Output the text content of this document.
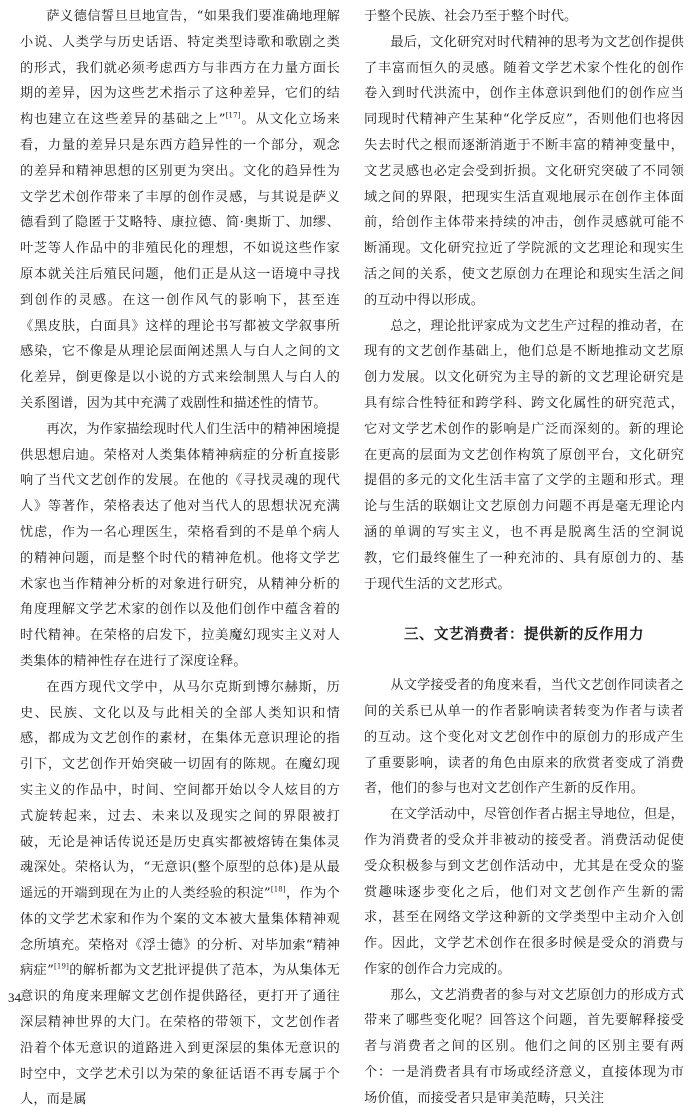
萨义德信誓旦旦地宣告，“如果我们要准确地理解小说、人类学与历史话语、特定类型诗歌和歌剧之类的形式，我们就必须考虑西方与非西方在力量方面长期的差异，因为这些艺术指示了这种差异，它们的结构也建立在这些差异的基础之上”[17]。从文化立场来看，力量的差异只是东西方趋异性的一个部分，观念的差异和精神思想的区别更为突出。文化的趋异性为文学艺术创作带来了丰厚的创作灵感，与其说是萨义德看到了隐匿于艾略特、康拉德、简·奥斯丁、加缪、叶芝等人作品中的非殖民化的理想，不如说这些作家原本就关注后殖民问题，他们正是从这一语境中寻找到创作的灵感。在这一创作风气的影响下，甚至连《黑皮肤，白面具》这样的理论书写都被文学叙事所感染，它不像是从理论层面阐述黑人与白人之间的文化差异，倒更像是以小说的方式来绘制黑人与白人的关系图谱，因为其中充满了戏剧性和描述性的情节。

再次，为作家描绘现时代人们生活中的精神困境提供思想启迪。荣格对人类集体精神病症的分析直接影响了当代文艺创作的发展。在他的《寻找灵魂的现代人》等著作，荣格表达了他对当代人的思想状况充满忧虑，作为一名心理医生，荣格看到的不是单个病人的精神问题，而是整个时代的精神危机。他将文学艺术家也当作精神分析的对象进行研究，从精神分析的角度理解文学艺术家的创作以及他们创作中蕴含着的时代精神。在荣格的启发下，拉美魔幻现实主义对人类集体的精神性存在进行了深度诠释。

在西方现代文学中，从马尔克斯到博尔赫斯，历史、民族、文化以及与此相关的全部人类知识和情感，都成为文艺创作的素材，在集体无意识理论的指引下，文艺创作开始突破一切固有的陈规。在魔幻现实主义的作品中，时间、空间都开始以令人炫目的方式旋转起来，过去、未来以及现实之间的界限被打破，无论是神话传说还是历史真实都被熔铸在集体灵魂深处。荣格认为，“无意识(整个原型的总体)是从最遥远的开端到现在为止的人类经验的积淀”[18]，作为个体的文学艺术家和作为个案的文本被大量集体精神观念所填充。荣格对《浮士德》的分析、对毕加索“精神病症”[19]的解析都为文艺批评提供了范本，为从集体无意识的角度来理解文艺创作提供路径，更打开了通往深层精神世界的大门。在荣格的带领下，文艺创作者沿着个体无意识的道路进入到更深层的集体无意识的时空中，文学艺术引以为荣的象征话语不再专属于个人，而是属

于整个民族、社会乃至于整个时代。

最后，文化研究对时代精神的思考为文艺创作提供了丰富而恒久的灵感。随着文学艺术家个性化的创作卷入到时代洪流中，创作主体意识到他们的创作应当同现时代精神产生某种“化学反应”，否则他们也将因失去时代之根而逐渐消逝于不断丰富的精神变量中，文艺灵感也必定会受到折损。文化研究突破了不同领域之间的界限，把现实生活直观地展示在创作主体面前，给创作主体带来持续的冲击，创作灵感就可能不断涌现。文化研究拉近了学院派的文艺理论和现实生活之间的关系，使文艺原创力在理论和现实生活之间的互动中得以形成。

总之，理论批评家成为文艺生产过程的推动者，在现有的文艺创作基础上，他们总是不断地推动文艺原创力发展。以文化研究为主导的新的文艺理论研究是具有综合性特征和跨学科、跨文化属性的研究范式，它对文学艺术创作的影响是广泛而深刻的。新的理论在更高的层面为文艺创作构筑了原创平台，文化研究提倡的多元的文化生活丰富了文学的主题和形式。理论与生活的联姻让文艺原创力问题不再是毫无理论内涵的单调的写实主义，也不再是脱离生活的空洞说教，它们最终催生了一种充沛的、具有原创力的、基于现代生活的文艺形式。

三、文艺消费者：提供新的反作用力

从文学接受者的角度来看，当代文艺创作同读者之间的关系已从单一的作者影响读者转变为作者与读者的互动。这个变化对文艺创作中的原创力的形成产生了重要影响，读者的角色由原来的欣赏者变成了消费者，他们的参与也对文艺创作产生新的反作用。

在文学活动中，尽管创作者占据主导地位，但是，作为消费者的受众并非被动的接受者。消费活动促使受众积极参与到文艺创作活动中，尤其是在受众的鉴赏趣味逐步变化之后，他们对文艺创作产生新的需求，甚至在网络文学这种新的文学类型中主动介入创作。因此，文学艺术创作在很多时候是受众的消费与作家的创作合力完成的。

那么，文艺消费者的参与对文艺原创力的形成方式带来了哪些变化呢？回答这个问题，首先要解释接受者与消费者之间的区别。他们之间的区别主要有两个：一是消费者具有市场或经济意义，直接体现为市场价值，而接受者只是审美范畴，只关注

34
